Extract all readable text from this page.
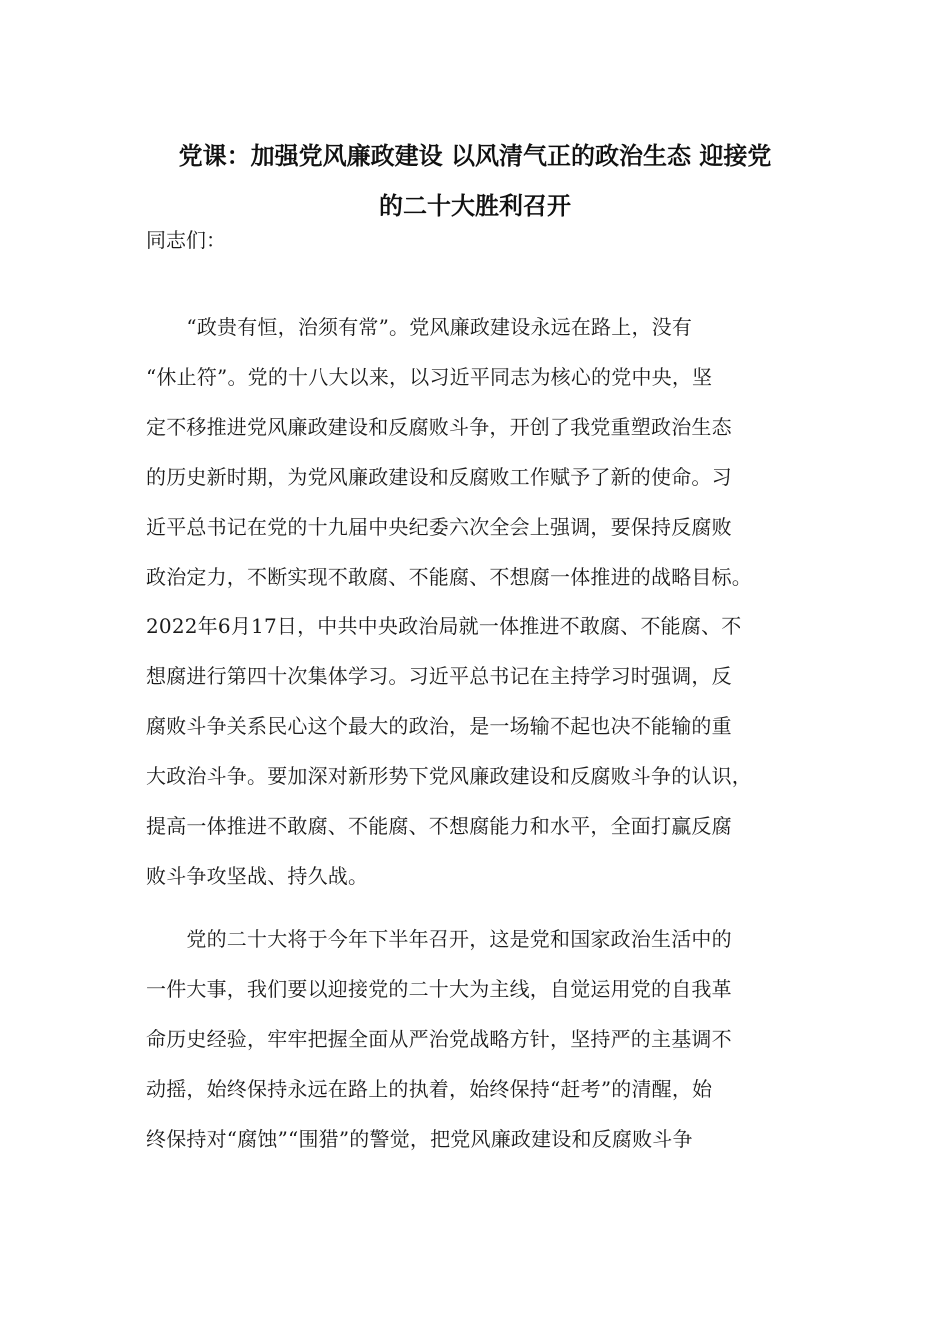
党课：加强党风廉政建设 以风清气正的政治生态 迎接党
的二十大胜利召开
同志们：
　　“政贵有恒，治须有常”。党风廉政建设永远在路上，没有
“休止符”。党的十八大以来，以习近平同志为核心的党中央，坚
定不移推进党风廉政建设和反腐败斗争，开创了我党重塑政治生态
的历史新时期，为党风廉政建设和反腐败工作赋予了新的使命。习
近平总书记在党的十九届中央纪委六次全会上强调，要保持反腐败
政治定力，不断实现不敢腐、不能腐、不想腐一体推进的战略目标。
2022年6月17日，中共中央政治局就一体推进不敢腐、不能腐、不
想腐进行第四十次集体学习。习近平总书记在主持学习时强调，反
腐败斗争关系民心这个最大的政治，是一场输不起也决不能输的重
大政治斗争。要加深对新形势下党风廉政建设和反腐败斗争的认识，
提高一体推进不敢腐、不能腐、不想腐能力和水平，全面打赢反腐
败斗争攻坚战、持久战。
　　党的二十大将于今年下半年召开，这是党和国家政治生活中的
一件大事，我们要以迎接党的二十大为主线，自觉运用党的自我革
命历史经验，牢牢把握全面从严治党战略方针，坚持严的主基调不
动摇，始终保持永远在路上的执着，始终保持“赶考”的清醒，始
终保持对“腐蚀”“围猎”的警觉，把党风廉政建设和反腐败斗争
